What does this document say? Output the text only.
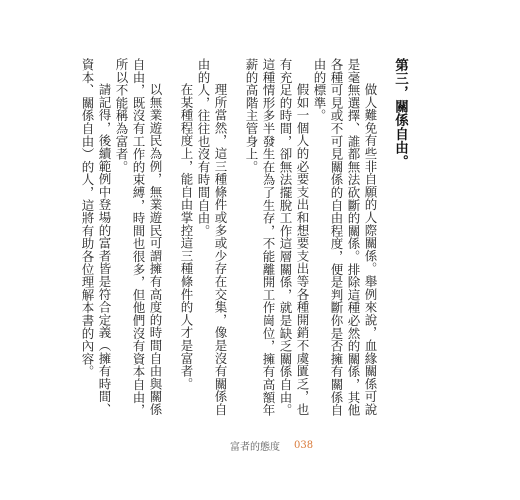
第三，關係自由。

做人難免有些非自願的人際關係。舉例來說，血緣關係可說是毫無選擇、誰都無法砍斷的關係。排除這種必然的關係，其他各種可見或不可見關係的自由程度，便是判斷你是否擁有關係自由的標準。

假如一個人的必要支出和想要支出等各種開銷不虞匱乏，也有充足的時間，卻無法擺脫工作這層關係，就是缺乏關係自由。這種情形多半發生在為了生存，不能離開工作崗位，擁有高額年薪的高階主管身上。

理所當然，這三種條件或多或少存在交集，像是沒有關係自由的人，往往也沒有時間自由。

在某種程度上，能自由掌控這三種條件的人才是富者。

以無業遊民為例，無業遊民可謂擁有高度的時間自由與關係自由，既沒有工作的束縛，時間也很多，但他們沒有資本自由，所以不能稱為富者。

請記得，後續範例中登場的富者皆是符合定義（擁有時間、資本、關係自由）的人，這將有助各位理解本書的內容。

富者的態度 038
